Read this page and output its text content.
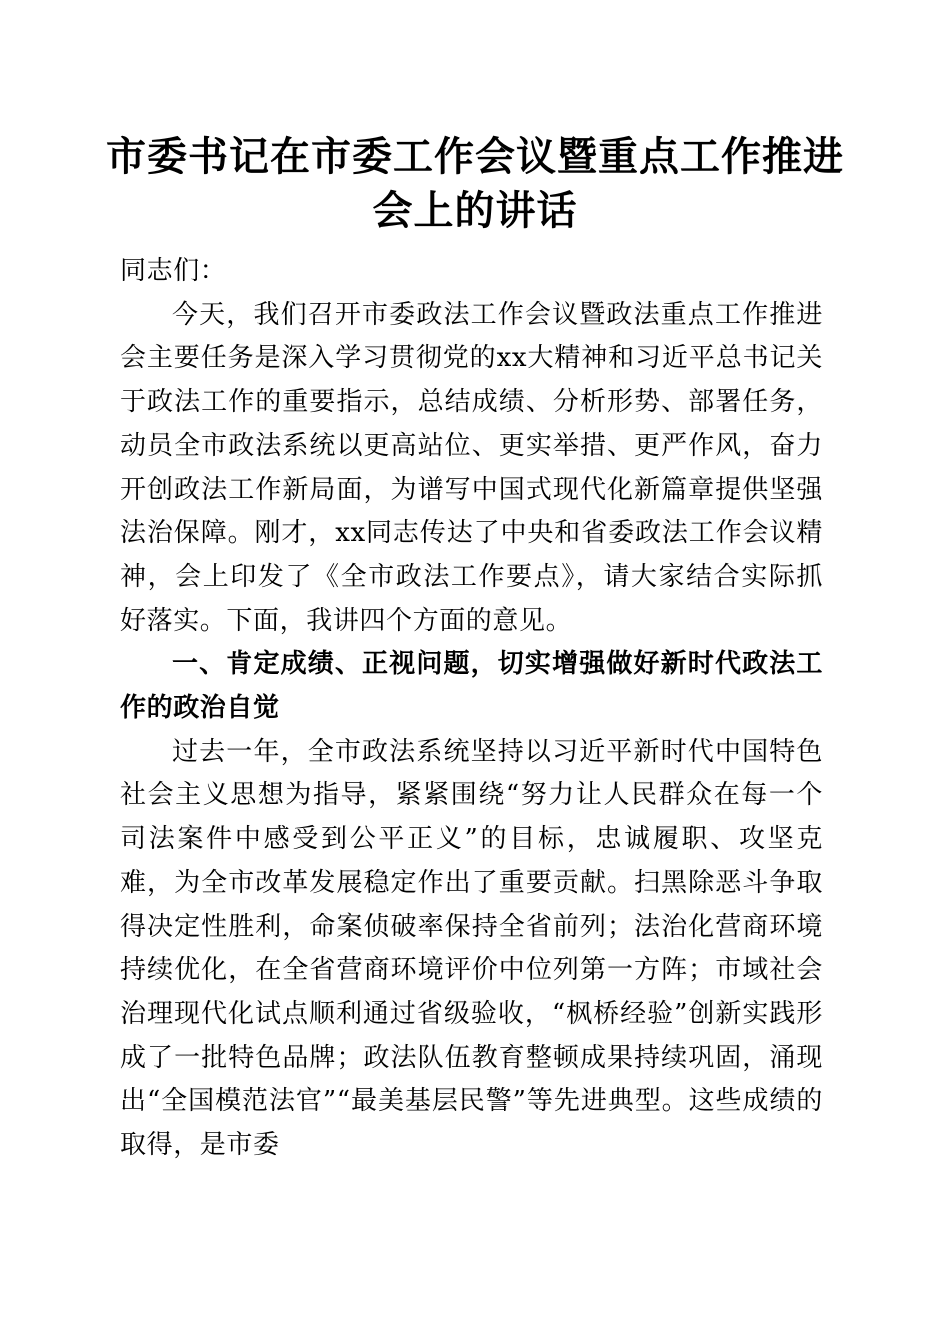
市委书记在市委工作会议暨重点工作推进会上的讲话

同志们：

今天，我们召开市委政法工作会议暨政法重点工作推进会主要任务是深入学习贯彻党的xx大精神和习近平总书记关于政法工作的重要指示，总结成绩、分析形势、部署任务，动员全市政法系统以更高站位、更实举措、更严作风，奋力开创政法工作新局面，为谱写中国式现代化新篇章提供坚强法治保障。刚才，xx同志传达了中央和省委政法工作会议精神，会上印发了《全市政法工作要点》，请大家结合实际抓好落实。下面，我讲四个方面的意见。

一、肯定成绩、正视问题，切实增强做好新时代政法工作的政治自觉

过去一年，全市政法系统坚持以习近平新时代中国特色社会主义思想为指导，紧紧围绕“努力让人民群众在每一个司法案件中感受到公平正义”的目标，忠诚履职、攻坚克难，为全市改革发展稳定作出了重要贡献。扫黑除恶斗争取得决定性胜利，命案侦破率保持全省前列；法治化营商环境持续优化，在全省营商环境评价中位列第一方阵；市域社会治理现代化试点顺利通过省级验收，“枫桥经验”创新实践形成了一批特色品牌；政法队伍教育整顿成果持续巩固，涌现出“全国模范法官”“最美基层民警”等先进典型。这些成绩的取得，是市委
